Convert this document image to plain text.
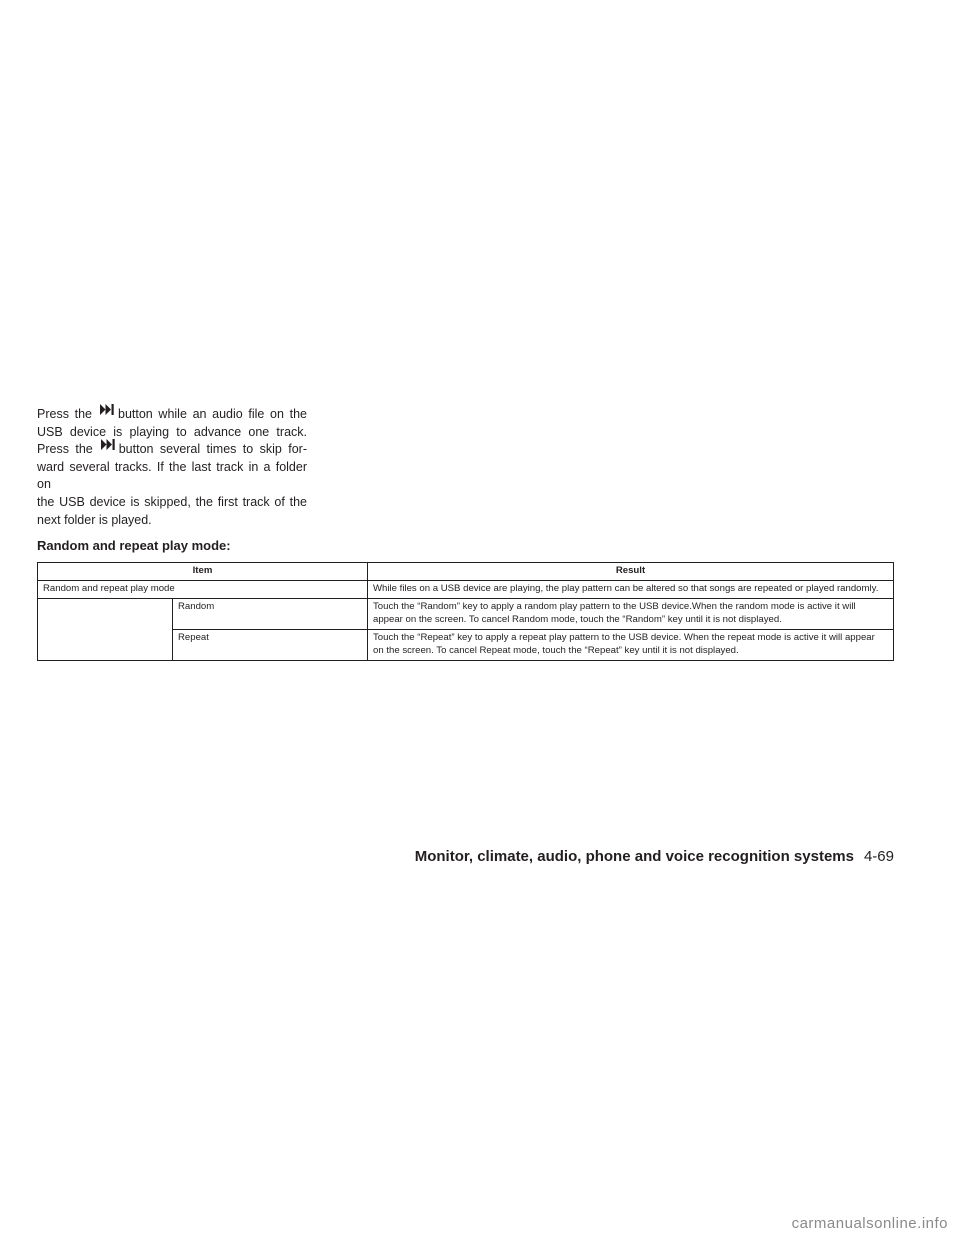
Press the button while an audio file on the
USB device is playing to advance one track.
Press the button several times to skip for-
ward several tracks. If the last track in a folder on
the USB device is skipped, the first track of the
next folder is played.
Random and repeat play mode:
Item		Result
Random and repeat play mode		While files on a USB device are playing, the play pattern can be altered so that songs are repeated or played randomly.
	Random	Touch the “Random” key to apply a random play pattern to the USB device.When the random mode is active it will appear on the screen. To cancel Random mode, touch the “Random” key until it is not displayed.
	Repeat	Touch the “Repeat” key to apply a repeat play pattern to the USB device. When the repeat mode is active it will appear on the screen. To cancel Repeat mode, touch the “Repeat” key until it is not displayed.
Monitor, climate, audio, phone and voice recognition systems 4-69
carmanualsonline.info
